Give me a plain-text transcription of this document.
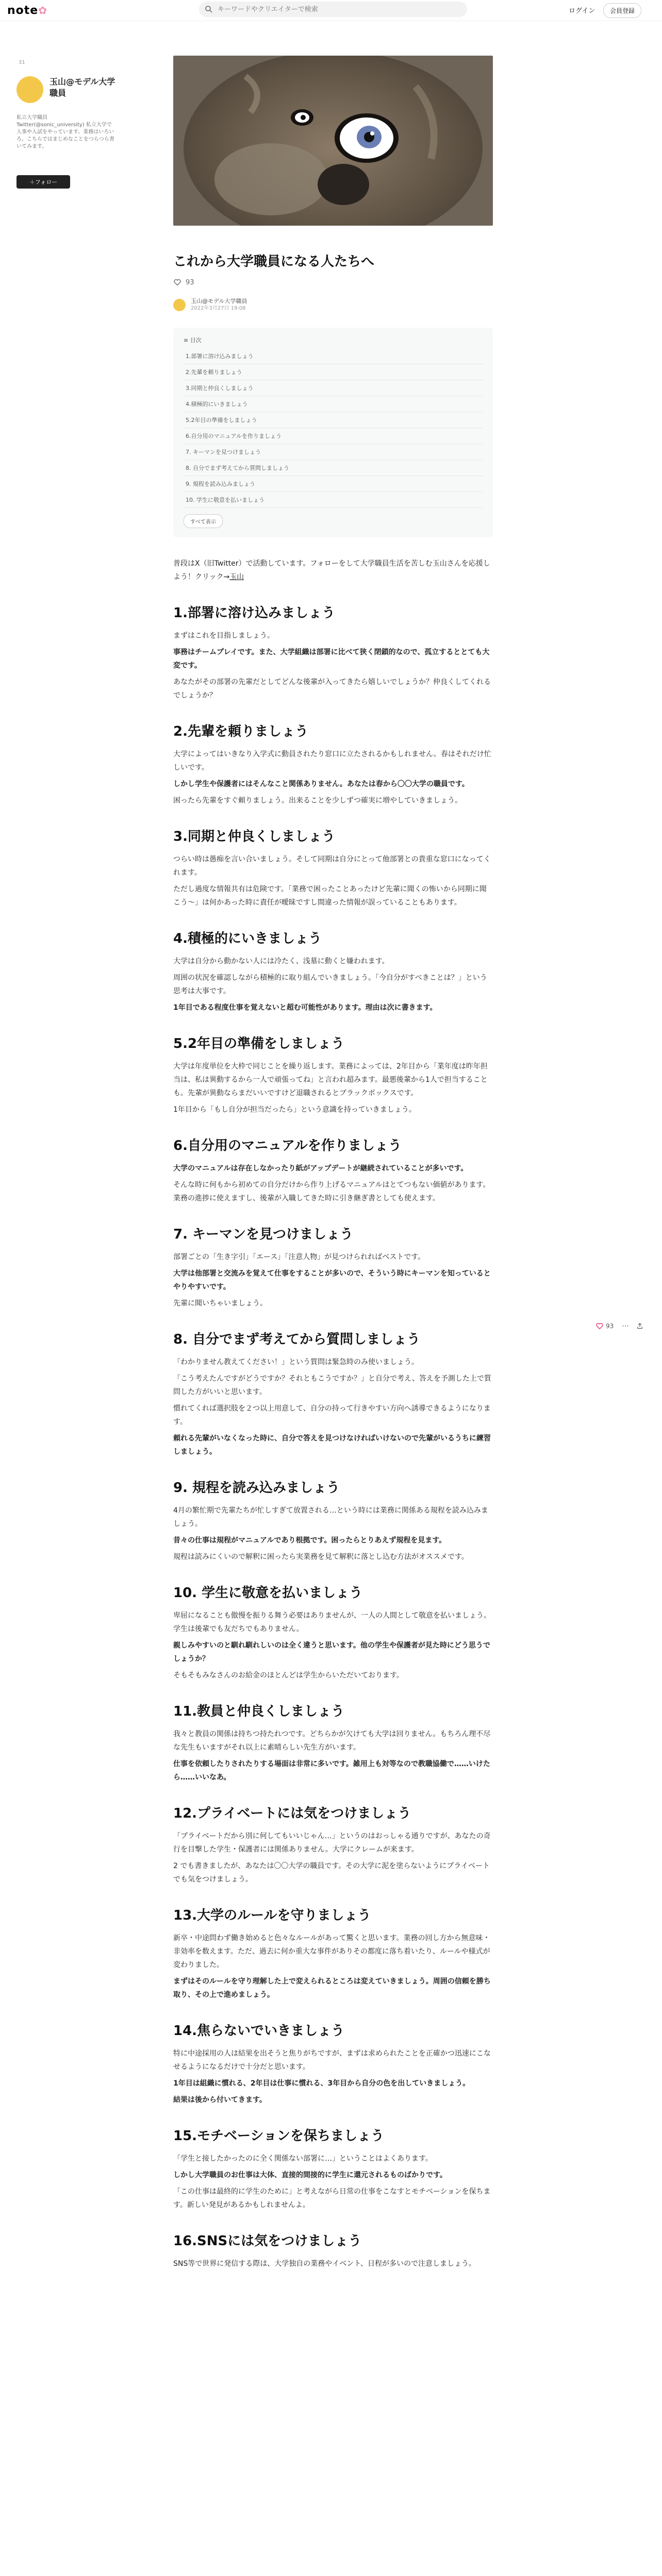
note✿
キーワードやクリエイターで検索	ログイン	会員登録
31
玉山@モデル大学職員
私立大学職員 Twitter(@sonic_university) 私立大学で人事や入試をやっています。業務はいろいろ。こちらではまじめなことをつらつら書いてみます。
＋フォロー
これから大学職員になる人たちへ
93
玉山@モデル大学職員
2022年3月27日 19:08
≡ 目次
1.部署に溶け込みましょう
2.先輩を頼りましょう
3.同期と仲良くしましょう
4.積極的にいきましょう
5.2年目の準備をしましょう
6.自分用のマニュアルを作りましょう
7. キーマンを見つけましょう
8. 自分でまず考えてから質問しましょう
9. 規程を読み込みましょう
10. 学生に敬意を払いましょう
すべて表示
普段はX（旧Twitter）で活動しています。フォローをして大学職員生活を苦しむ玉山さんを応援しよう！クリック→玉山
1.部署に溶け込みましょう

まずはこれを目指しましょう。

事務はチームプレイです。また、大学組織は部署に比べて狭く閉鎖的なので、孤立するととても大変です。

あなたがその部署の先輩だとしてどんな後輩が入ってきたら嬉しいでしょうか？仲良くしてくれるでしょうか？

2.先輩を頼りましょう

大学によってはいきなり入学式に動員されたり窓口に立たされるかもしれません。春はそれだけ忙しいです。

しかし学生や保護者にはそんなこと関係ありません。あなたは春から〇〇大学の職員です。

困ったら先輩をすぐ頼りましょう。出来ることを少しずつ確実に増やしていきましょう。

3.同期と仲良くしましょう

つらい時は愚痴を言い合いましょう。そして同期は自分にとって他部署との貴重な窓口になってくれます。

ただし過度な情報共有は危険です。「業務で困ったことあったけど先輩に聞くの怖いから同期に聞こう～」は何かあった時に責任が曖昧ですし間違った情報が誤っていることもあります。

4.積極的にいきましょう

大学は自分から動かない人には冷たく、浅墓に動くと嫌われます。

周囲の状況を確認しながら積極的に取り組んでいきましょう。「今自分がすべきことは？」という思考は大事です。

1年目である程度仕事を覚えないと超む可能性があります。理由は次に書きます。

5.2年目の準備をしましょう

大学は年度単位を大枠で同じことを繰り返します。業務によっては、2年目から「業年度は昨年担当は、私は異動するから一人で頑張ってね」と言われ超みます。最悪後輩から1人で担当することも。先輩が異動ならまだいいですけど退職されるとブラックボックスです。

1年目から「もし自分が担当だったら」という意識を持っていきましょう。

6.自分用のマニュアルを作りましょう

大学のマニュアルは存在しなかったり紙がアップデートが継続されていることが多いです。

そんな時に何もから初めての自分だけから作り上げるマニュアルはとてつもない価値があります。業務の進捗に使えますし、後輩が入職してきた時に引き継ぎ書としても使えます。

7. キーマンを見つけましょう

部署ごとの「生き字引」「エース」「注意人物」が見つけられればベストです。

大学は他部署と交流みを覚えて仕事をすることが多いので、そういう時にキーマンを知っているとやりやすいです。

先輩に聞いちゃいましょう。

8. 自分でまず考えてから質問しましょう

「わかりません教えてください！」という質問は緊急時のみ使いましょう。

「こう考えたんですがどうですか？それともこうですか？」と自分で考え、答えを予測した上で質問した方がいいと思います。

慣れてくれば選択肢を２つ以上用意して、自分の持って行きやすい方向へ誘導できるようになります。

頼れる先輩がいなくなった時に、自分で答えを見つけなければいけないので先輩がいるうちに練習しましょう。

9. 規程を読み込みましょう

4月の繁忙期で先輩たちが忙しすぎて放置される…という時には業務に関係ある規程を読み込みましょう。

昔々の仕事は規程がマニュアルであり根拠です。困ったらとりあえず規程を見ます。

規程は読みにくいので解釈に困ったら実業務を見て解釈に落とし込む方法がオススメです。

10. 学生に敬意を払いましょう

卑屈になることも傲慢を振りる舞う必要はありませんが、一人の人間として敬意を払いましょう。学生は後輩でも友だちでもありません。

親しみやすいのと馴れ馴れしいのは全く違うと思います。他の学生や保護者が見た時にどう思うでしょうか？

そもそもみなさんのお給金のほとんどは学生からいただいております。

11.教員と仲良くしましょう

我々と教員の関係は持ちつ持たれつです。どちらかが欠けても大学は回りません。もちろん理不尽な先生もいますがそれ以上に素晴らしい先生方がいます。

仕事を依頼したりされたりする場面は非常に多いです。雑用上も対等なので教職協働で……いけたら……いいなあ。

12.プライベートには気をつけましょう

「プライベートだから別に何してもいいじゃん…」というのはおっしゃる通りですが、あなたの奇行を目撃した学生・保護者には関係ありません。大学にクレームが来ます。

2 でも書きましたが、あなたは〇〇大学の職員です。その大学に泥を塗らないようにプライベートでも気をつけましょう。

13.大学のルールを守りましょう

新卒・中途問わず働き始めると色々なルールがあって驚くと思います。業務の回し方から無意味・非効率を数えます。ただ、過去に何か重大な事件がありその都度に落ち着いたり、ルールや様式が変わりました。

まずはそのルールを守り理解した上で変えられるところは変えていきましょう。周囲の信頼を勝ち取り、その上で進めましょう。

14.焦らないでいきましょう

特に中途採用の人は結果を出そうと焦りがちですが、まずは求められたことを正確かつ迅速にこなせるようになるだけで十分だと思います。

1年目は組織に慣れる、2年目は仕事に慣れる、3年目から自分の色を出していきましょう。

結果は後から付いてきます。

15.モチベーションを保ちましょう

「学生と接したかったのに全く関係ない部署に…」ということはよくあります。

しかし大学職員のお仕事は大体、直接的間接的に学生に還元されるものばかりです。

「この仕事は最終的に学生のために」と考えながら日常の仕事をこなすとモチベーションを保ちます。新しい発見があるかもしれませんよ。

16.SNSには気をつけましょう

SNS等で世界に発信する際は、大学独自の業務やイベント、日程が多いので注意しましょう。

93 ⋯
